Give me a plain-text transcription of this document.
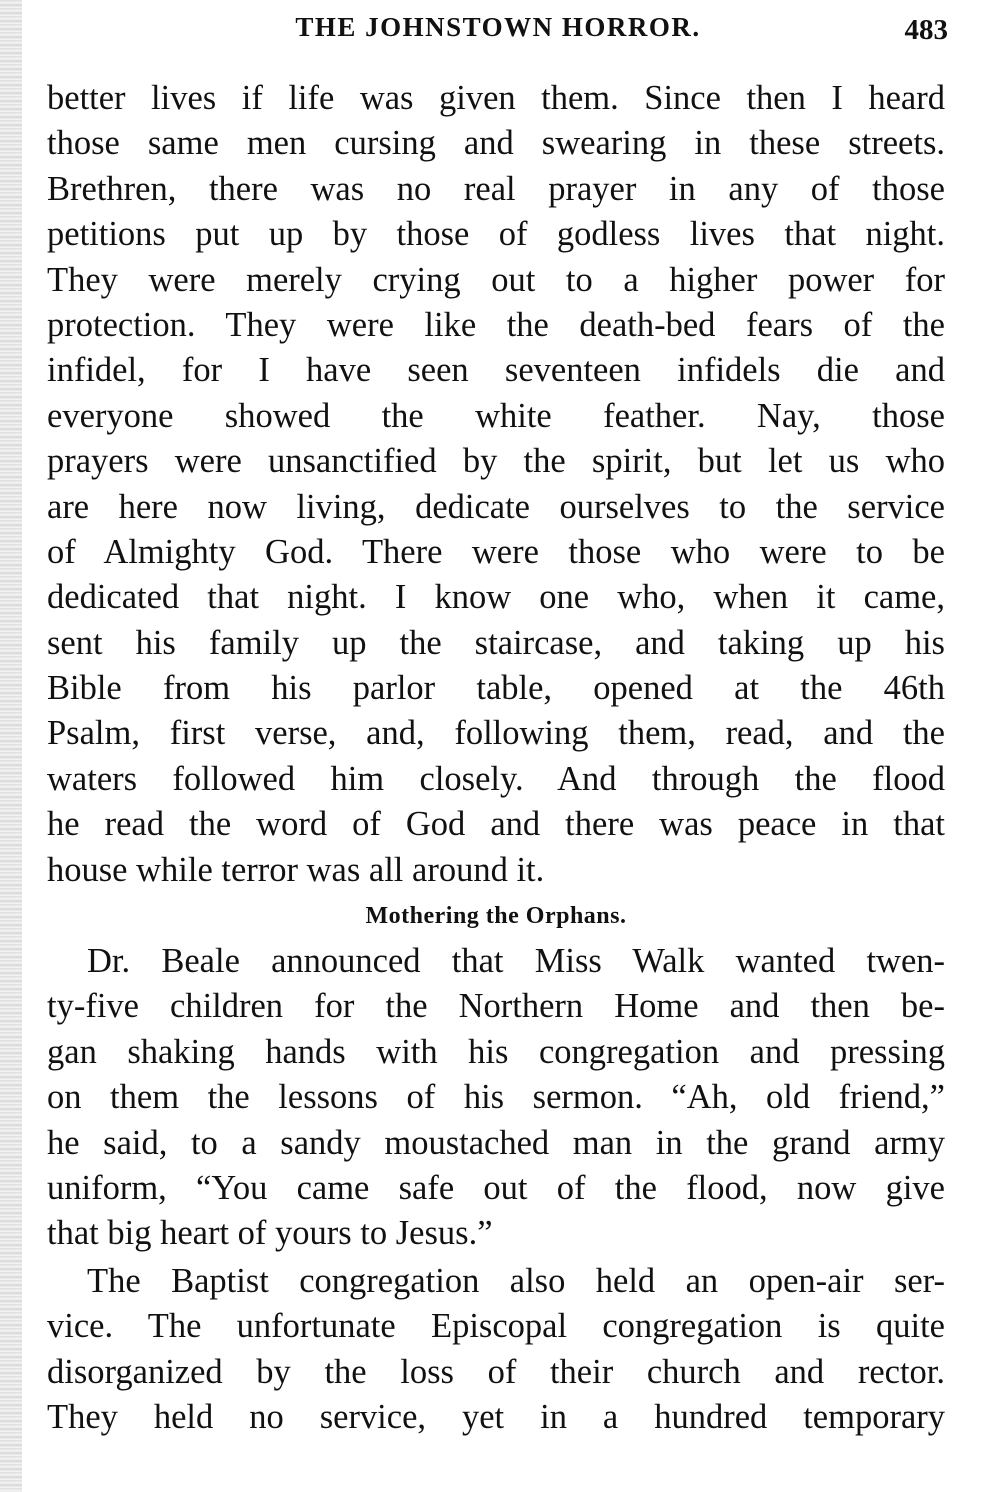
THE JOHNSTOWN HORROR.	483
better lives if life was given them. Since then I heard
those same men cursing and swearing in these streets.
Brethren, there was no real prayer in any of those
petitions put up by those of godless lives that night.
They were merely crying out to a higher power for
protection. They were like the death-bed fears of the
infidel, for I have seen seventeen infidels die and
everyone showed the white feather. Nay, those
prayers were unsanctified by the spirit, but let us who
are here now living, dedicate ourselves to the service
of Almighty God. There were those who were to be
dedicated that night. I know one who, when it came,
sent his family up the staircase, and taking up his
Bible from his parlor table, opened at the 46th
Psalm, first verse, and, following them, read, and the
waters followed him closely. And through the flood
he read the word of God and there was peace in that
house while terror was all around it.
Mothering the Orphans.
Dr. Beale announced that Miss Walk wanted twen-
ty-five children for the Northern Home and then be-
gan shaking hands with his congregation and pressing
on them the lessons of his sermon. “Ah, old friend,”
he said, to a sandy moustached man in the grand army
uniform, “You came safe out of the flood, now give
that big heart of yours to Jesus.”
The Baptist congregation also held an open-air ser-
vice. The unfortunate Episcopal congregation is quite
disorganized by the loss of their church and rector.
They held no service, yet in a hundred temporary
